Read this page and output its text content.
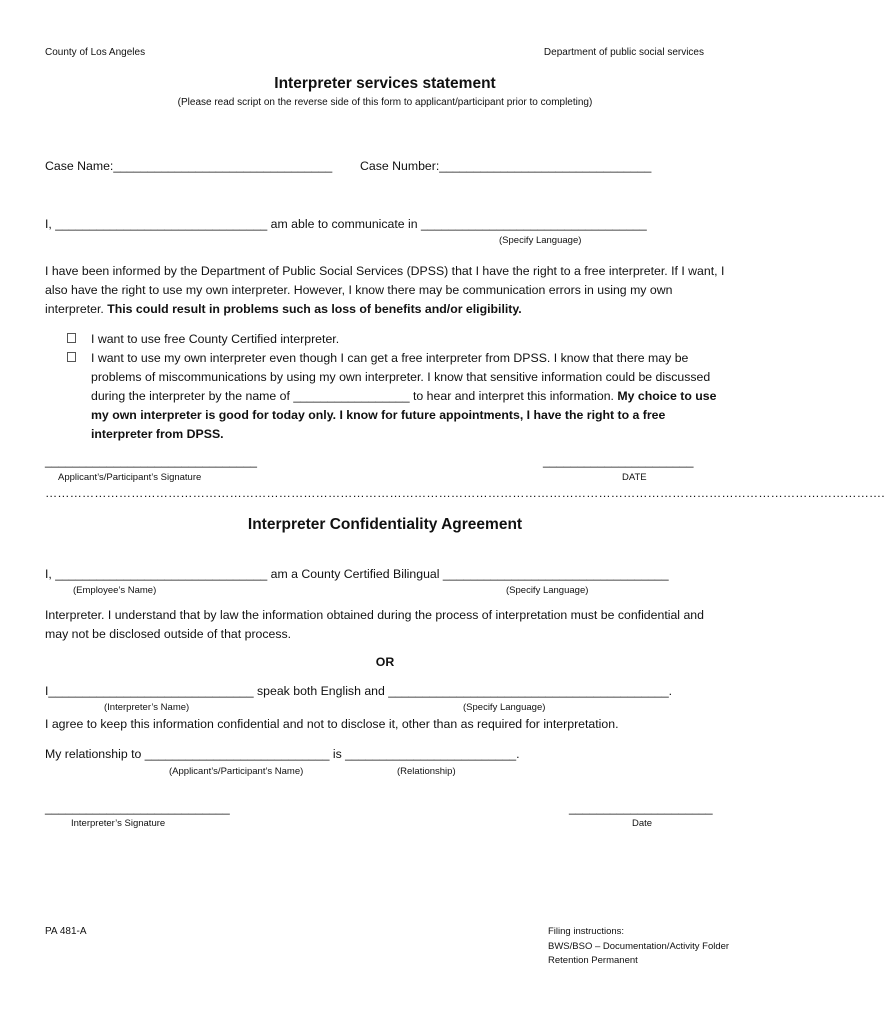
County of Los Angeles	Department of public social services
Interpreter services statement
(Please read script on the reverse side of this form to applicant/participant prior to completing)
Case Name:________________________________ Case Number:_______________________________
I, _______________________________ am able to communicate in _________________________________
(Specify Language)
I have been informed by the Department of Public Social Services (DPSS) that I have the right to a free interpreter. If I want, I also have the right to use my own interpreter. However, I know there may be communication errors in using my own interpreter. This could result in problems such as loss of benefits and/or eligibility.
I want to use free County Certified interpreter.
I want to use my own interpreter even though I can get a free interpreter from DPSS. I know that there may be problems of miscommunications by using my own interpreter. I know that sensitive information could be discussed during the interpreter by the name of _________________ to hear and interpret this information. My choice to use my own interpreter is good for today only. I know for future appointments, I have the right to a free interpreter from DPSS.
_______________________________
Applicant’s/Participant’s Signature
______________________
DATE
…………………………………………………………………………………………………………………………………………………………………………………….
Interpreter Confidentiality Agreement
I, _______________________________ am a County Certified Bilingual _________________________________
(Employee’s Name)	(Specify Language)
Interpreter. I understand that by law the information obtained during the process of interpretation must be confidential and may not be disclosed outside of that process.
OR
I______________________________ speak both English and _________________________________________.
(Interpreter’s Name)	(Specify Language)
I agree to keep this information confidential and not to disclose it, other than as required for interpretation.
My relationship to ___________________________ is _________________________.
(Applicant’s/Participant’s Name)	(Relationship)
___________________________
Interpreter’s Signature
_____________________
Date
PA 481-A	Filing instructions:
BWS/BSO – Documentation/Activity Folder
Retention Permanent
